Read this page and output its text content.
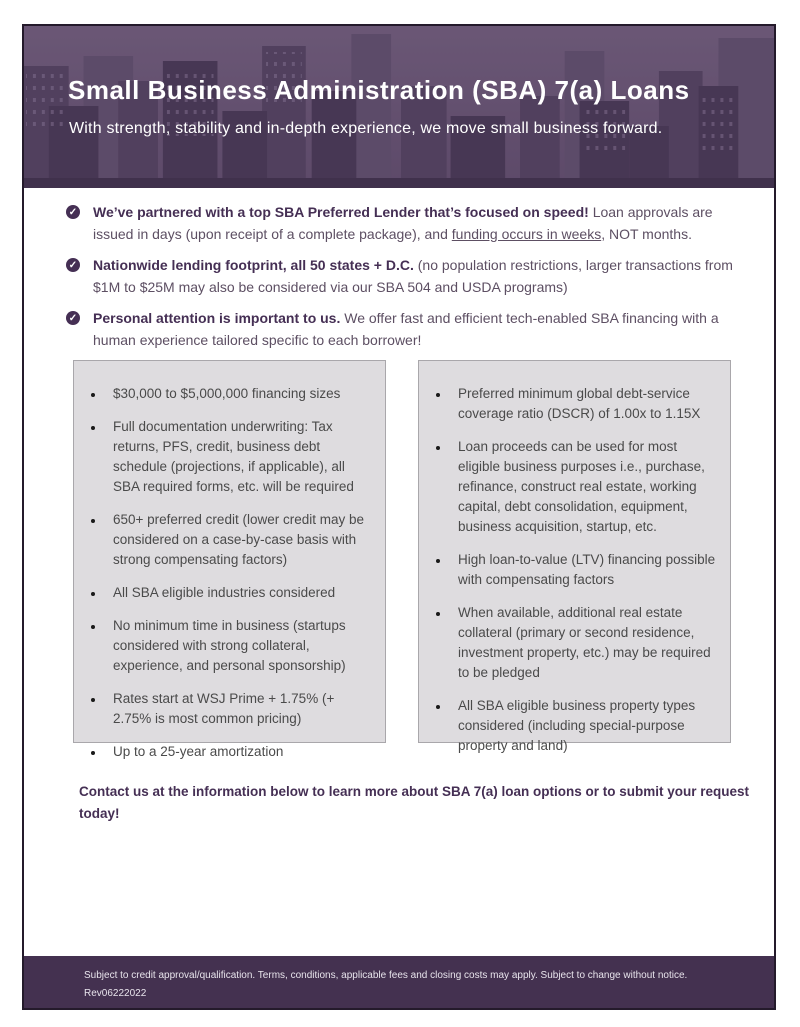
Small Business Administration (SBA) 7(a) Loans
With strength, stability and in-depth experience, we move small business forward.
✓ We’ve partnered with a top SBA Preferred Lender that’s focused on speed! Loan approvals are issued in days (upon receipt of a complete package), and funding occurs in weeks, NOT months.

✓ Nationwide lending footprint, all 50 states + D.C. (no population restrictions, larger transactions from $1M to $25M may also be considered via our SBA 504 and USDA programs)

✓ Personal attention is important to us. We offer fast and efficient tech-enabled SBA financing with a human experience tailored specific to each borrower!

• $30,000 to $5,000,000 financing sizes
• Full documentation underwriting: Tax returns, PFS, credit, business debt schedule (projections, if applicable), all SBA required forms, etc. will be required
• 650+ preferred credit (lower credit may be considered on a case-by-case basis with strong compensating factors)
• All SBA eligible industries considered
• No minimum time in business (startups considered with strong collateral, experience, and personal sponsorship)
• Rates start at WSJ Prime + 1.75% (+ 2.75% is most common pricing)
• Up to a 25-year amortization
• Preferred minimum global debt-service coverage ratio (DSCR) of 1.00x to 1.15X
• Loan proceeds can be used for most eligible business purposes i.e., purchase, refinance, construct real estate, working capital, debt consolidation, equipment, business acquisition, startup, etc.
• High loan-to-value (LTV) financing possible with compensating factors
• When available, additional real estate collateral (primary or second residence, investment property, etc.) may be required to be pledged
• All SBA eligible business property types considered (including special-purpose property and land)

Contact us at the information below to learn more about SBA 7(a) loan options or to submit your request today!

Subject to credit approval/qualification. Terms, conditions, applicable fees and closing costs may apply. Subject to change without notice.
Rev06222022
